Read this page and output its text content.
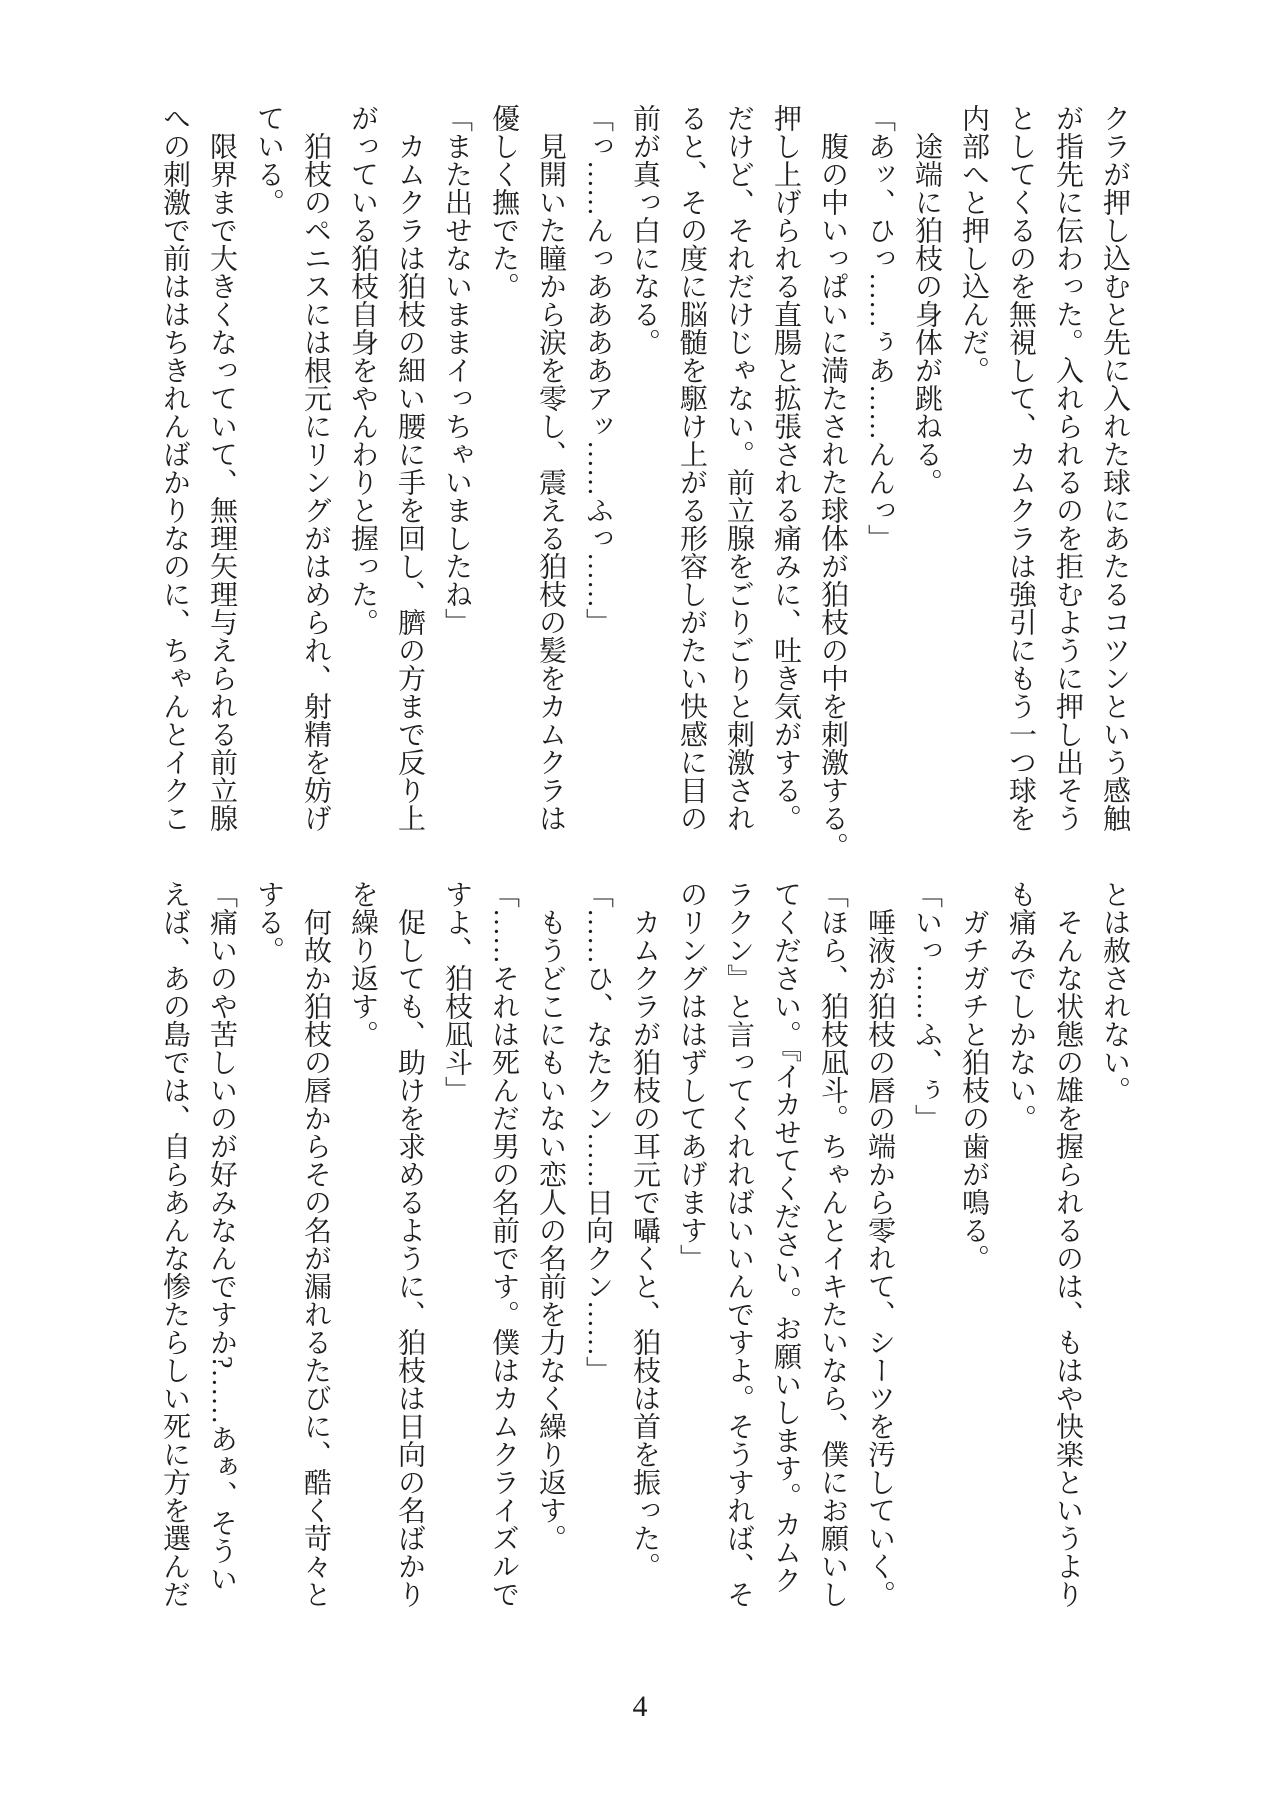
クラが押し込むと先に入れた球にあたるコツンという感触

が指先に伝わった。入れられるのを拒むように押し出そう

としてくるのを無視して、カムクラは強引にもう一つ球を

内部へと押し込んだ。

　途端に狛枝の身体が跳ねる。

「あッ、ひっ……ぅあ……んんっ」

　腹の中いっぱいに満たされた球体が狛枝の中を刺激する。

押し上げられる直腸と拡張される痛みに、吐き気がする。

だけど、それだけじゃない。前立腺をごりごりと刺激され

ると、その度に脳髄を駆け上がる形容しがたい快感に目の

前が真っ白になる。

「っ……んっああああアッ……ふっ……」

　見開いた瞳から涙を零し、震える狛枝の髪をカムクラは

優しく撫でた。

「また出せないままイっちゃいましたね」

　カムクラは狛枝の細い腰に手を回し、臍の方まで反り上

がっている狛枝自身をやんわりと握った。

　狛枝のペニスには根元にリングがはめられ、射精を妨げ

ている。

　限界まで大きくなっていて、無理矢理与えられる前立腺

への刺激で前ははちきれんばかりなのに、ちゃんとイクこ

とは赦されない。

　そんな状態の雄を握られるのは、もはや快楽というより

も痛みでしかない。

　ガチガチと狛枝の歯が鳴る。

「いっ……ふ、ぅ」

　唾液が狛枝の唇の端から零れて、シーツを汚していく。

「ほら、狛枝凪斗。ちゃんとイキたいなら、僕にお願いし

てください。『イカせてください。お願いします。カムク

ラクン』と言ってくれればいいんですよ。そうすれば、そ

のリングははずしてあげます」

　カムクラが狛枝の耳元で囁くと、狛枝は首を振った。

「……ひ、なたクン……日向クン……」

　もうどこにもいない恋人の名前を力なく繰り返す。

「……それは死んだ男の名前です。僕はカムクライズルで

すよ、狛枝凪斗」

　促しても、助けを求めるように、狛枝は日向の名ばかり

を繰り返す。

　何故か狛枝の唇からその名が漏れるたびに、酷く苛々と

する。

「痛いのや苦しいのが好みなんですか?……あぁ、そうい

えば、あの島では、自らあんな惨たらしい死に方を選んだ

4
